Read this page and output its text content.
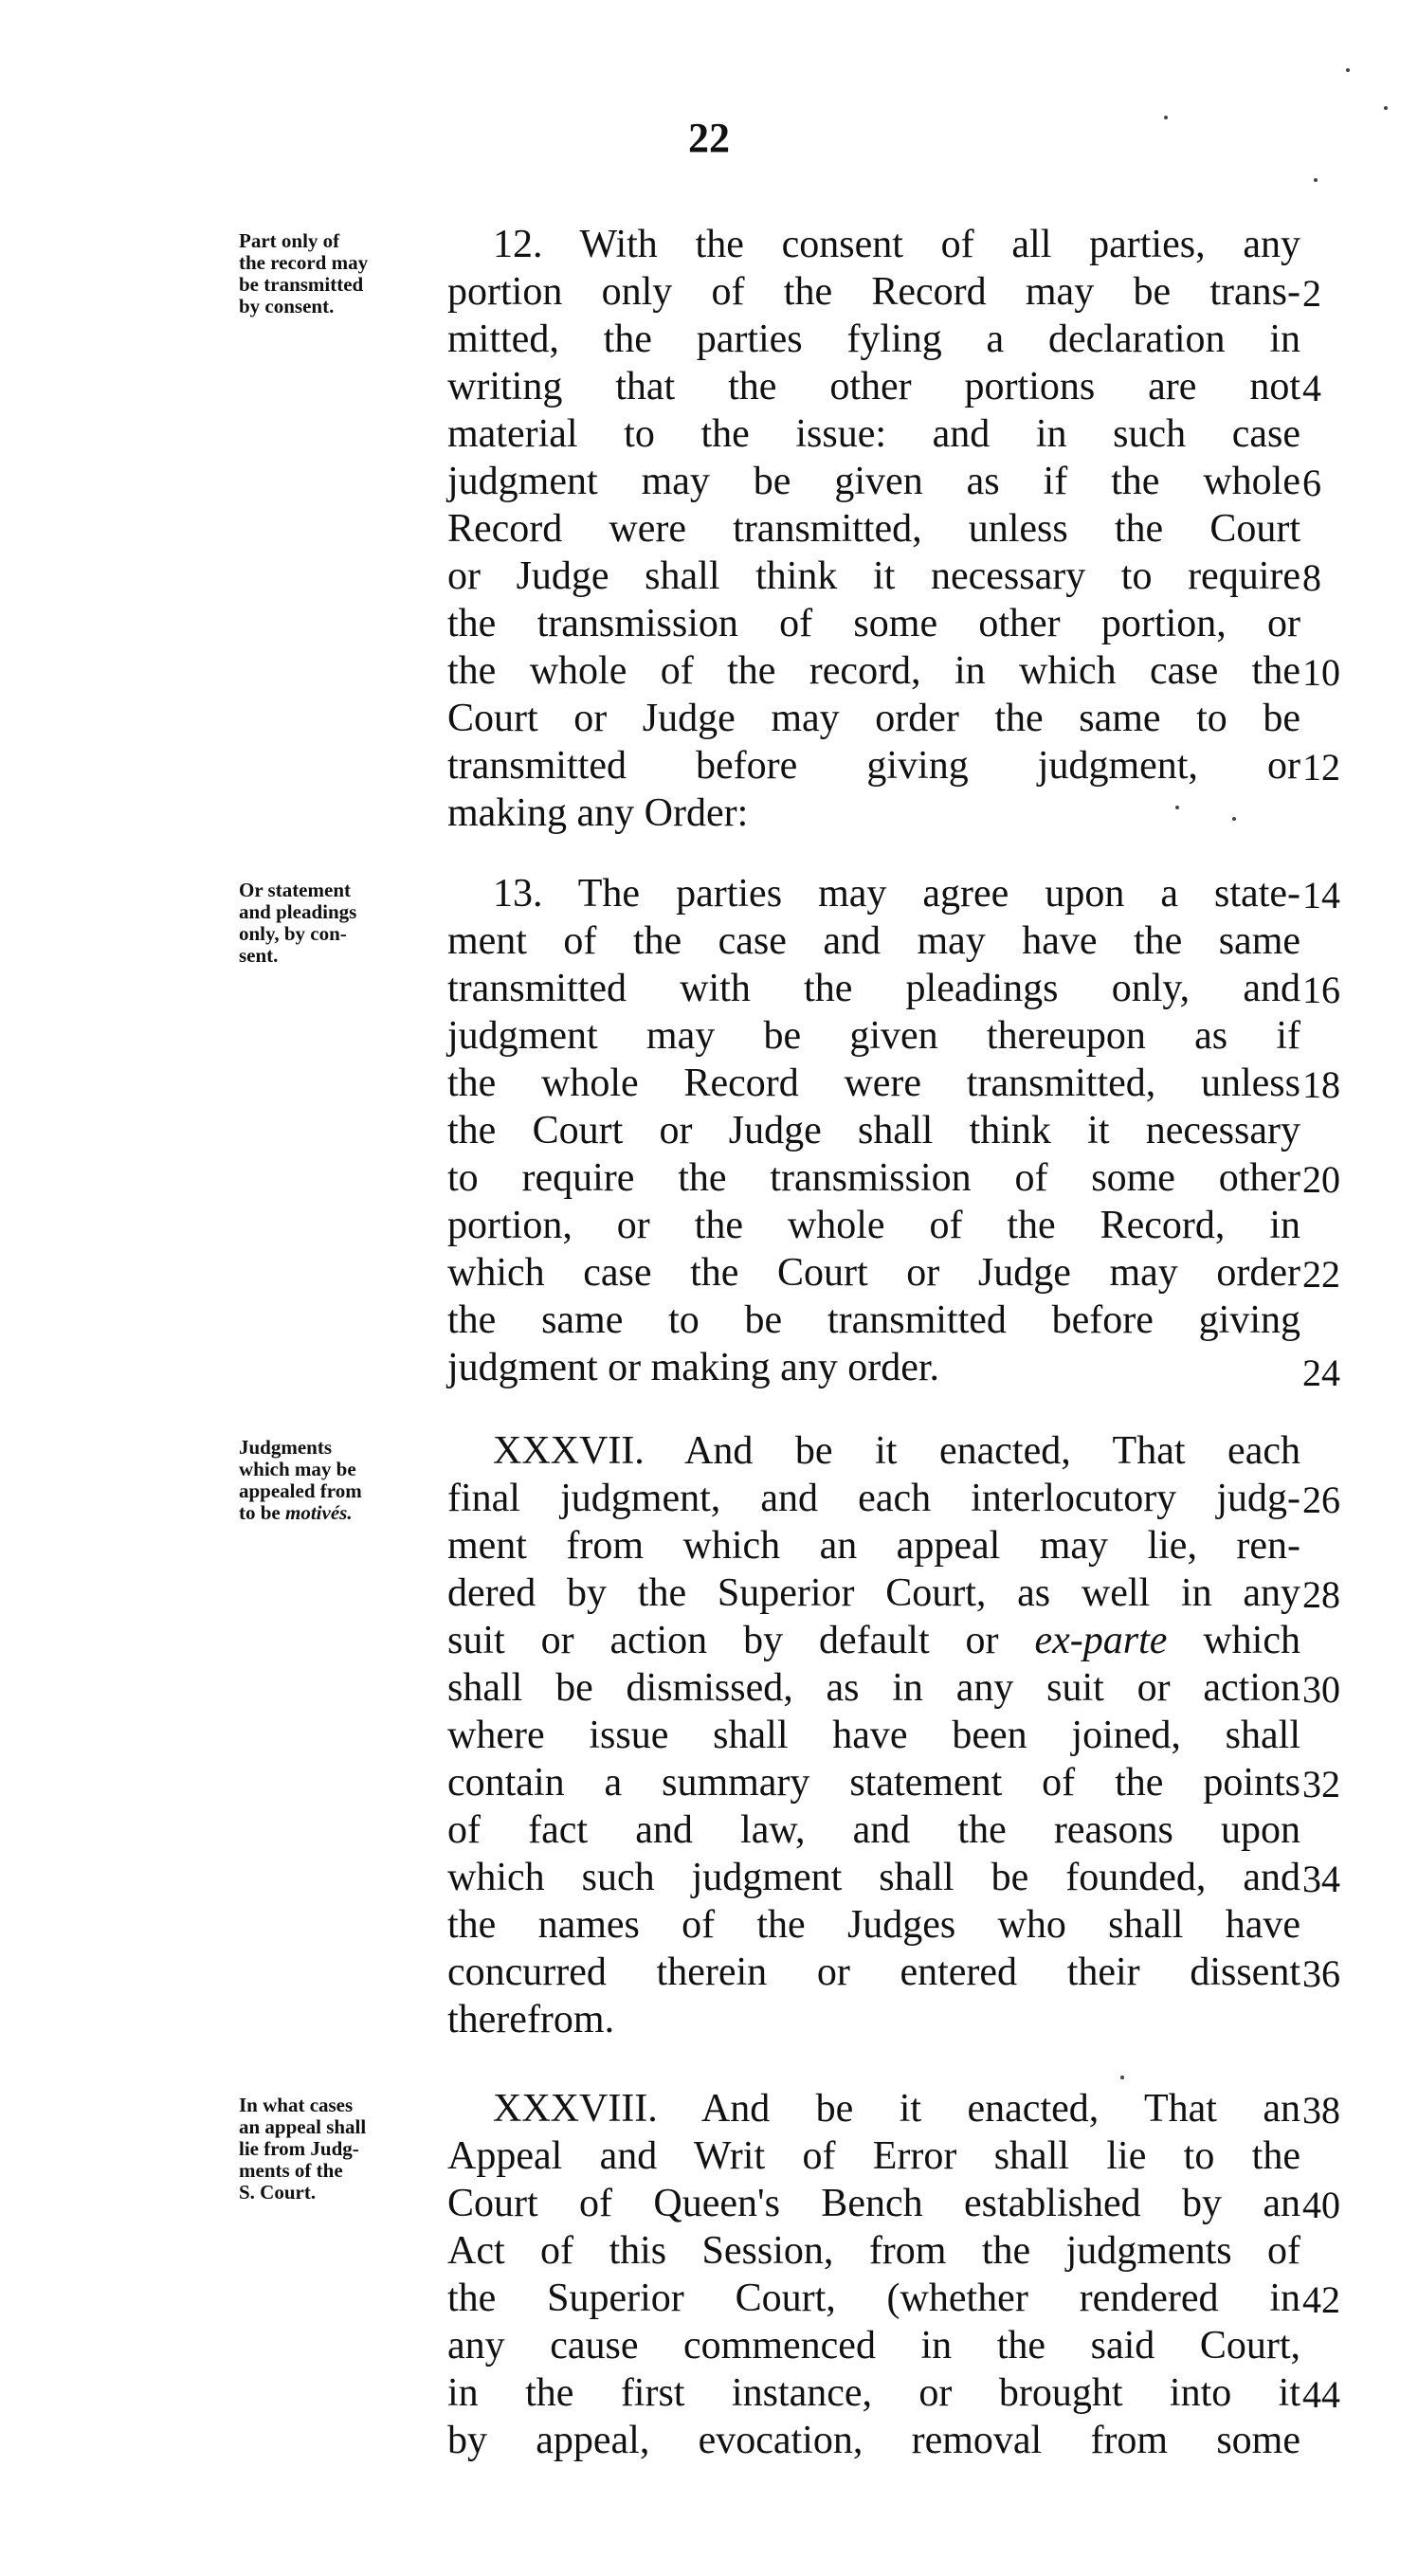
22

Part only of
the record may
be transmitted
by consent.

12. With the consent of all parties, any
portion only of the Record may be trans- 2
mitted, the parties fyling a declaration in
writing that the other portions are not 4
material to the issue: and in such case
judgment may be given as if the whole 6
Record were transmitted, unless the Court
or Judge shall think it necessary to require 8
the transmission of some other portion, or
the whole of the record, in which case the 10
Court or Judge may order the same to be
transmitted before giving judgment, or 12
making any Order:

Or statement
and pleadings
only, by con-
sent.

13. The parties may agree upon a state- 14
ment of the case and may have the same
transmitted with the pleadings only, and 16
judgment may be given thereupon as if
the whole Record were transmitted, unless 18
the Court or Judge shall think it necessary
to require the transmission of some other 20
portion, or the whole of the Record, in
which case the Court or Judge may order 22
the same to be transmitted before giving
judgment or making any order.	24

Judgments
which may be
appealed from
to be motivés.

XXXVII. And be it enacted, That each
final judgment, and each interlocutory judg- 26
ment from which an appeal may lie, ren-
dered by the Superior Court, as well in any 28
suit or action by default or ex-parte which
shall be dismissed, as in any suit or action 30
where issue shall have been joined, shall
contain a summary statement of the points 32
of fact and law, and the reasons upon
which such judgment shall be founded, and 34
the names of the Judges who shall have
concurred therein or entered their dissent 36
therefrom.

In what cases
an appeal shall
lie from Judg-
ments of the
S. Court.

XXXVIII. And be it enacted, That an 38
Appeal and Writ of Error shall lie to the
Court of Queen's Bench established by an 40
Act of this Session, from the judgments of
the Superior Court, (whether rendered in 42
any cause commenced in the said Court,
in the first instance, or brought into it 44
by appeal, evocation, removal from some
